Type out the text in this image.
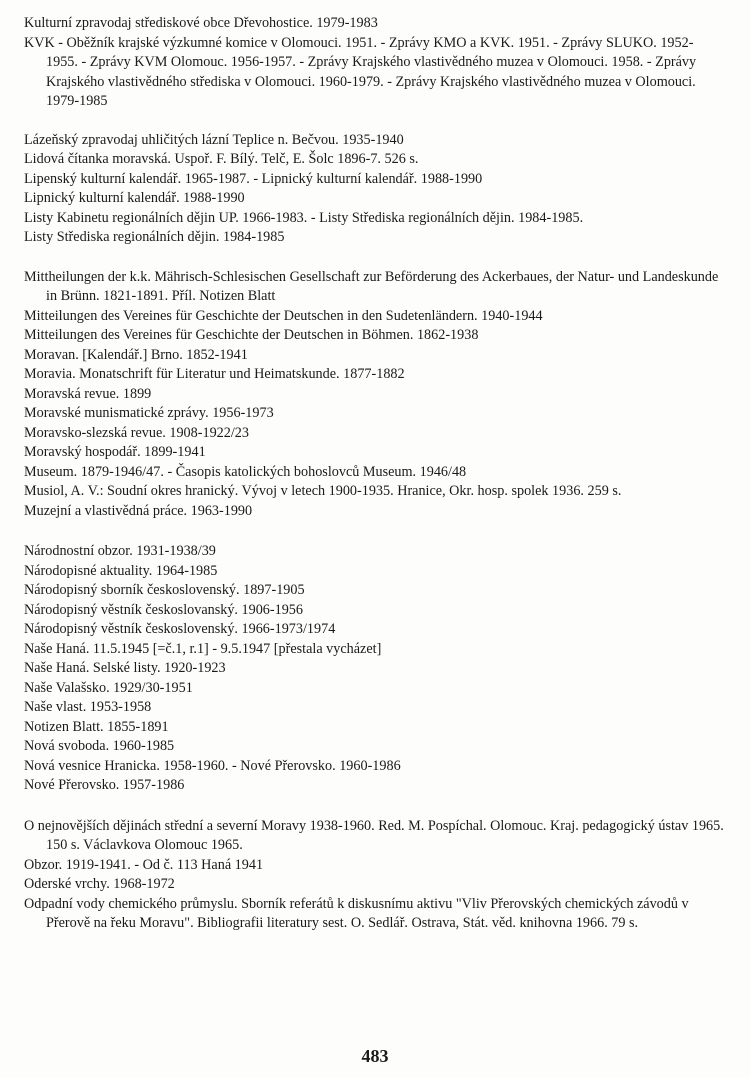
Kulturní zpravodaj střediskové obce Dřevohostice. 1979-1983

KVK - Oběžník krajské výzkumné komice v Olomouci. 1951. - Zprávy KMO a KVK. 1951. - Zprávy SLUKO. 1952-1955. - Zprávy KVM Olomouc. 1956-1957. - Zprávy Krajského vlastivědného muzea v Olomouci. 1958. - Zprávy Krajského vlastivědného střediska v Olomouci. 1960-1979. - Zprávy Krajského vlastivědného muzea v Olomouci. 1979-1985

Lázeňský zpravodaj uhličitých lázní Teplice n. Bečvou. 1935-1940

Lidová čítanka moravská. Uspoř. F. Bílý. Telč, E. Šolc 1896-7. 526 s.

Lipenský kulturní kalendář. 1965-1987. - Lipnický kulturní kalendář. 1988-1990

Lipnický kulturní kalendář. 1988-1990

Listy Kabinetu regionálních dějin UP. 1966-1983. - Listy Střediska regionálních dějin. 1984-1985.

Listy Střediska regionálních dějin. 1984-1985

Mittheilungen der k.k. Mährisch-Schlesischen Gesellschaft zur Beförderung des Ackerbaues, der Natur- und Landeskunde in Brünn. 1821-1891. Příl. Notizen Blatt

Mitteilungen des Vereines für Geschichte der Deutschen in den Sudetenländern. 1940-1944

Mitteilungen des Vereines für Geschichte der Deutschen in Böhmen. 1862-1938

Moravan. [Kalendář.] Brno. 1852-1941

Moravia. Monatschrift für Literatur und Heimatskunde. 1877-1882

Moravská revue. 1899

Moravské munismatické zprávy. 1956-1973

Moravsko-slezská revue. 1908-1922/23

Moravský hospodář. 1899-1941

Museum. 1879-1946/47. - Časopis katolických bohoslovců Museum. 1946/48

Musiol, A. V.: Soudní okres hranický. Vývoj v letech 1900-1935. Hranice, Okr. hosp. spolek 1936. 259 s.

Muzejní a vlastivědná práce. 1963-1990

Národnostní obzor. 1931-1938/39

Národopisné aktuality. 1964-1985

Národopisný sborník československý. 1897-1905

Národopisný věstník českoslovanský. 1906-1956

Národopisný věstník československý. 1966-1973/1974

Naše Haná. 11.5.1945 [=č.1, r.1] - 9.5.1947 [přestala vycházet]

Naše Haná. Selské listy. 1920-1923

Naše Valašsko. 1929/30-1951

Naše vlast. 1953-1958

Notizen Blatt. 1855-1891

Nová svoboda. 1960-1985

Nová vesnice Hranicka. 1958-1960. - Nové Přerovsko. 1960-1986

Nové Přerovsko. 1957-1986

O nejnovějších dějinách střední a severní Moravy 1938-1960. Red. M. Pospíchal. Olomouc. Kraj. pedagogický ústav 1965. 150 s. Václavkova Olomouc 1965.

Obzor. 1919-1941. - Od č. 113 Haná 1941

Oderské vrchy. 1968-1972

Odpadní vody chemického průmyslu. Sborník referátů k diskusnímu aktivu "Vliv Přerovských chemických závodů v Přerově na řeku Moravu". Bibliografii literatury sest. O. Sedlář. Ostrava, Stát. věd. knihovna 1966. 79 s.

483
